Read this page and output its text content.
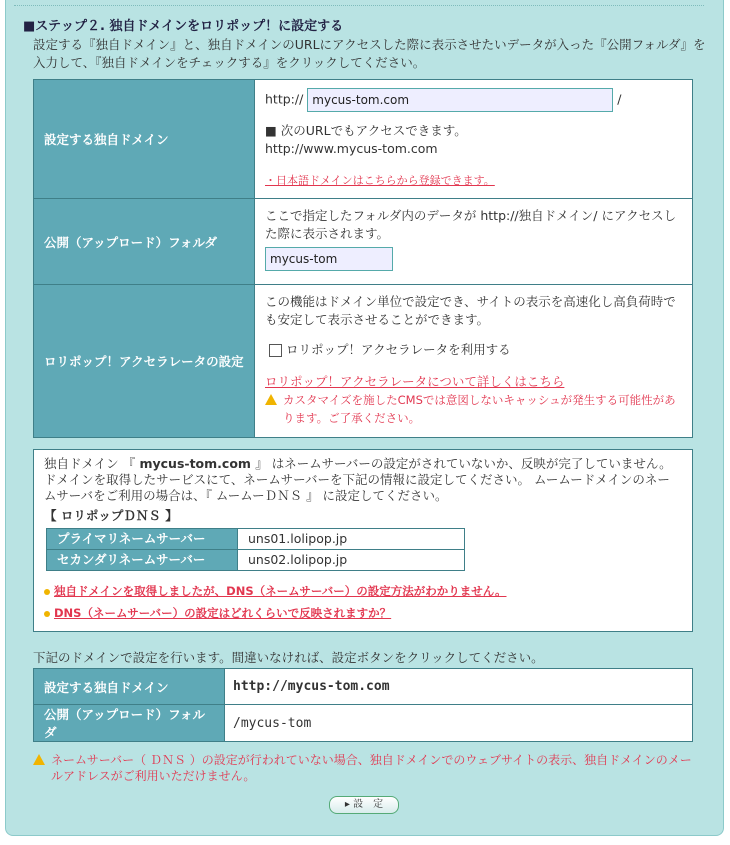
■ステップ２. 独自ドメインをロリポップ！に設定する
設定する『独自ドメイン』と、独自ドメインのURLにアクセスした際に表示させたいデータが入った『公開フォルダ』を入力して、『独自ドメインをチェックする』をクリックしてください。
設定する独自ドメイン	http:// mycus-tom.com /
■ 次のURLでもアクセスできます。
http://www.mycus-tom.com
・日本語ドメインはこちらから登録できます。

公開（アップロード）フォルダ	ここで指定したフォルダ内のデータが http://独自ドメイン/ にアクセスした際に表示されます。
mycus-tom
ロリポップ！アクセラレータの設定	この機能はドメイン単位で設定でき、サイトの表示を高速化し高負荷時でも安定して表示させることができます。
ロリポップ！アクセラレータを利用する
ロリポップ！アクセラレータについて詳しくはこちら
カスタマイズを施したCMSでは意図しないキャッシュが発生する可能性があります。ご了承ください。
独自ドメイン 『 mycus-tom.com 』 はネームサーバーの設定がされていないか、反映が完了していません。 ドメインを取得したサービスにて、ネームサーバーを下記の情報に設定してください。 ムームードメインのネームサーバをご利用の場合は、『 ムームーＤＮＳ 』 に設定してください。
【 ロリポップＤＮＳ 】
プライマリネームサーバー	uns01.lolipop.jp
セカンダリネームサーバー	uns02.lolipop.jp
独自ドメインを取得しましたが、DNS（ネームサーバー）の設定方法がわかりません。
DNS（ネームサーバー）の設定はどれくらいで反映されますか？
下記のドメインで設定を行います。間違いなければ、設定ボタンをクリックしてください。
設定する独自ドメイン	http://mycus-tom.com
公開（アップロード）フォルダ	/mycus-tom
ネームサーバー（ ＤＮＳ ）の設定が行われていない場合、独自ドメインでのウェブサイトの表示、独自ドメインのメールアドレスがご利用いただけません。
▸ 設　定
